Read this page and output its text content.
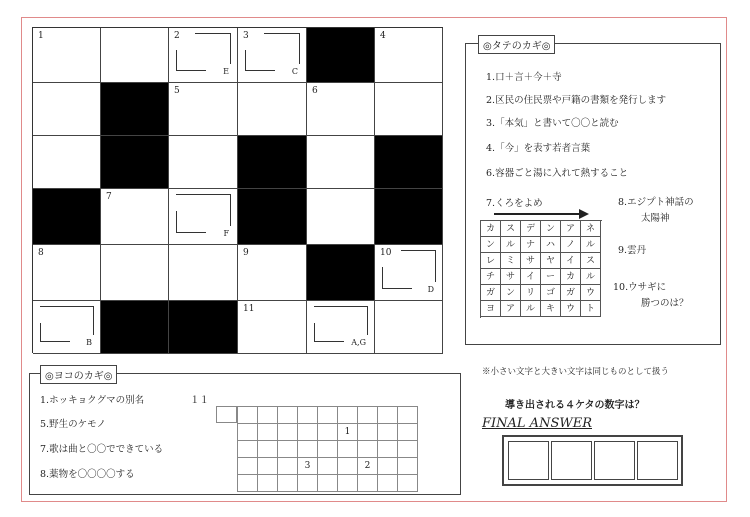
1	2
E
3
C
4
5	6
7
F
8	9	10
D
B
11
A,G
◎タテのカギ◎
1.口＋言＋今＋寺
2.区民の住民票や戸籍の書類を発行します
3.「本気」と書いて〇〇と読む
4.「今」を表す若者言葉
6.容器ごと湯に入れて熱すること
7.くろをよめ
カ	ス	デ	ン	ア	ネ
ン	ル	ナ	ハ	ノ	ル
レ	ミ	サ	ヤ	イ	ス
チ	サ	イ	ー	カ	ル
ガ	ン	リ	ゴ	ガ	ウ
ヨ	ア	ル	キ	ウ	ト
8.エジプト神話の
太陽神
9.雲丹
10.ウサギに
勝つのは？
◎ヨコのカギ◎
1.ホッキョクグマの別名	１１
5.野生のケモノ
7.歌は曲と〇〇でできている
8.薬物を〇〇〇〇する
1
3	2
※小さい文字と大きい文字は同じものとして扱う
導き出される４ケタの数字は？
FINAL ANSWER
